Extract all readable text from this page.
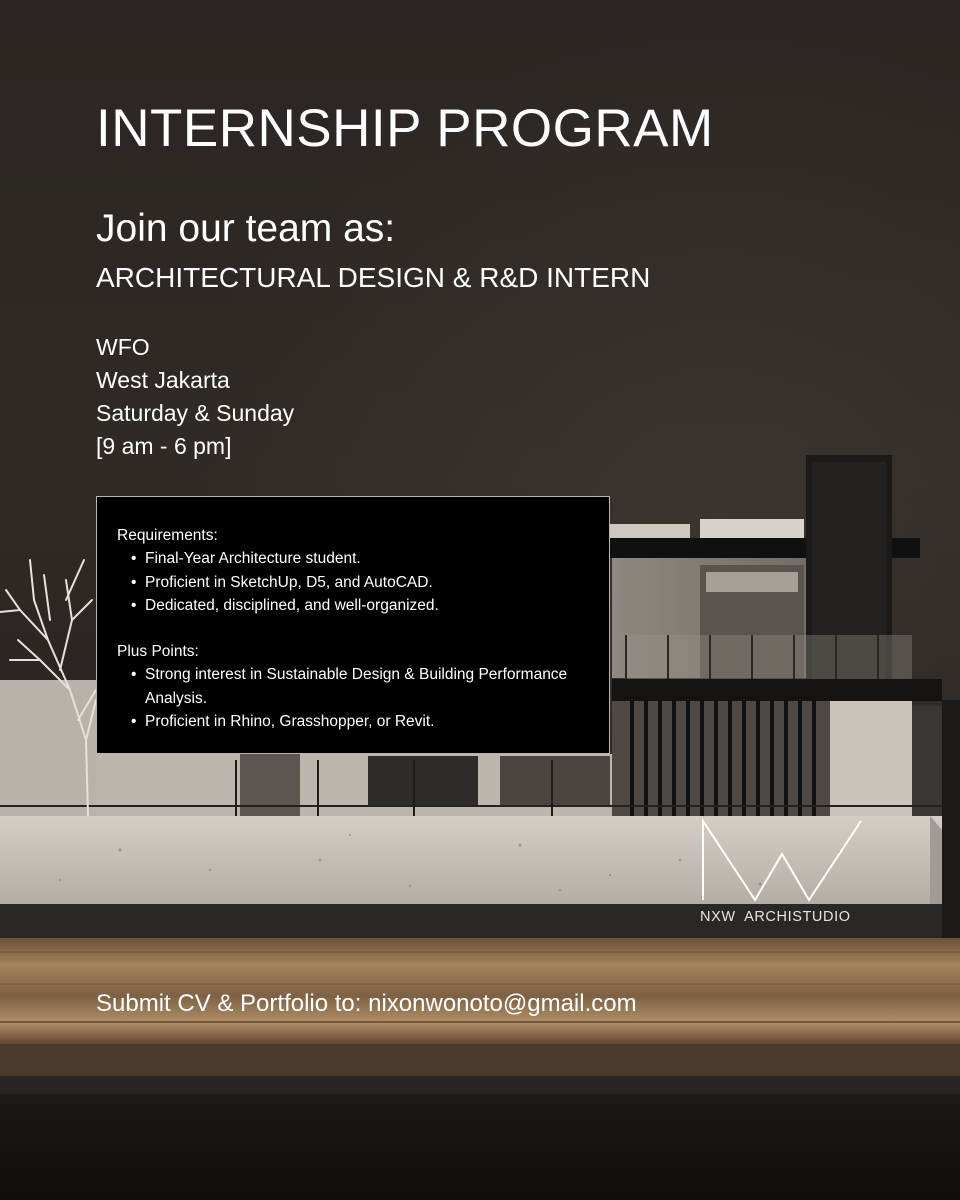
INTERNSHIP PROGRAM
Join our team as:
ARCHITECTURAL DESIGN & R&D INTERN
WFO
West Jakarta
Saturday & Sunday
[9 am - 6 pm]

Requirements:

• Final-Year Architecture student.
• Proficient in SketchUp, D5, and AutoCAD.
• Dedicated, disciplined, and well-organized.

Plus Points:

• Strong interest in Sustainable Design & Building Performance Analysis.
• Proficient in Rhino, Grasshopper, or Revit.

NXW  ARCHISTUDIO

Submit CV & Portfolio to: nixonwonoto@gmail.com
